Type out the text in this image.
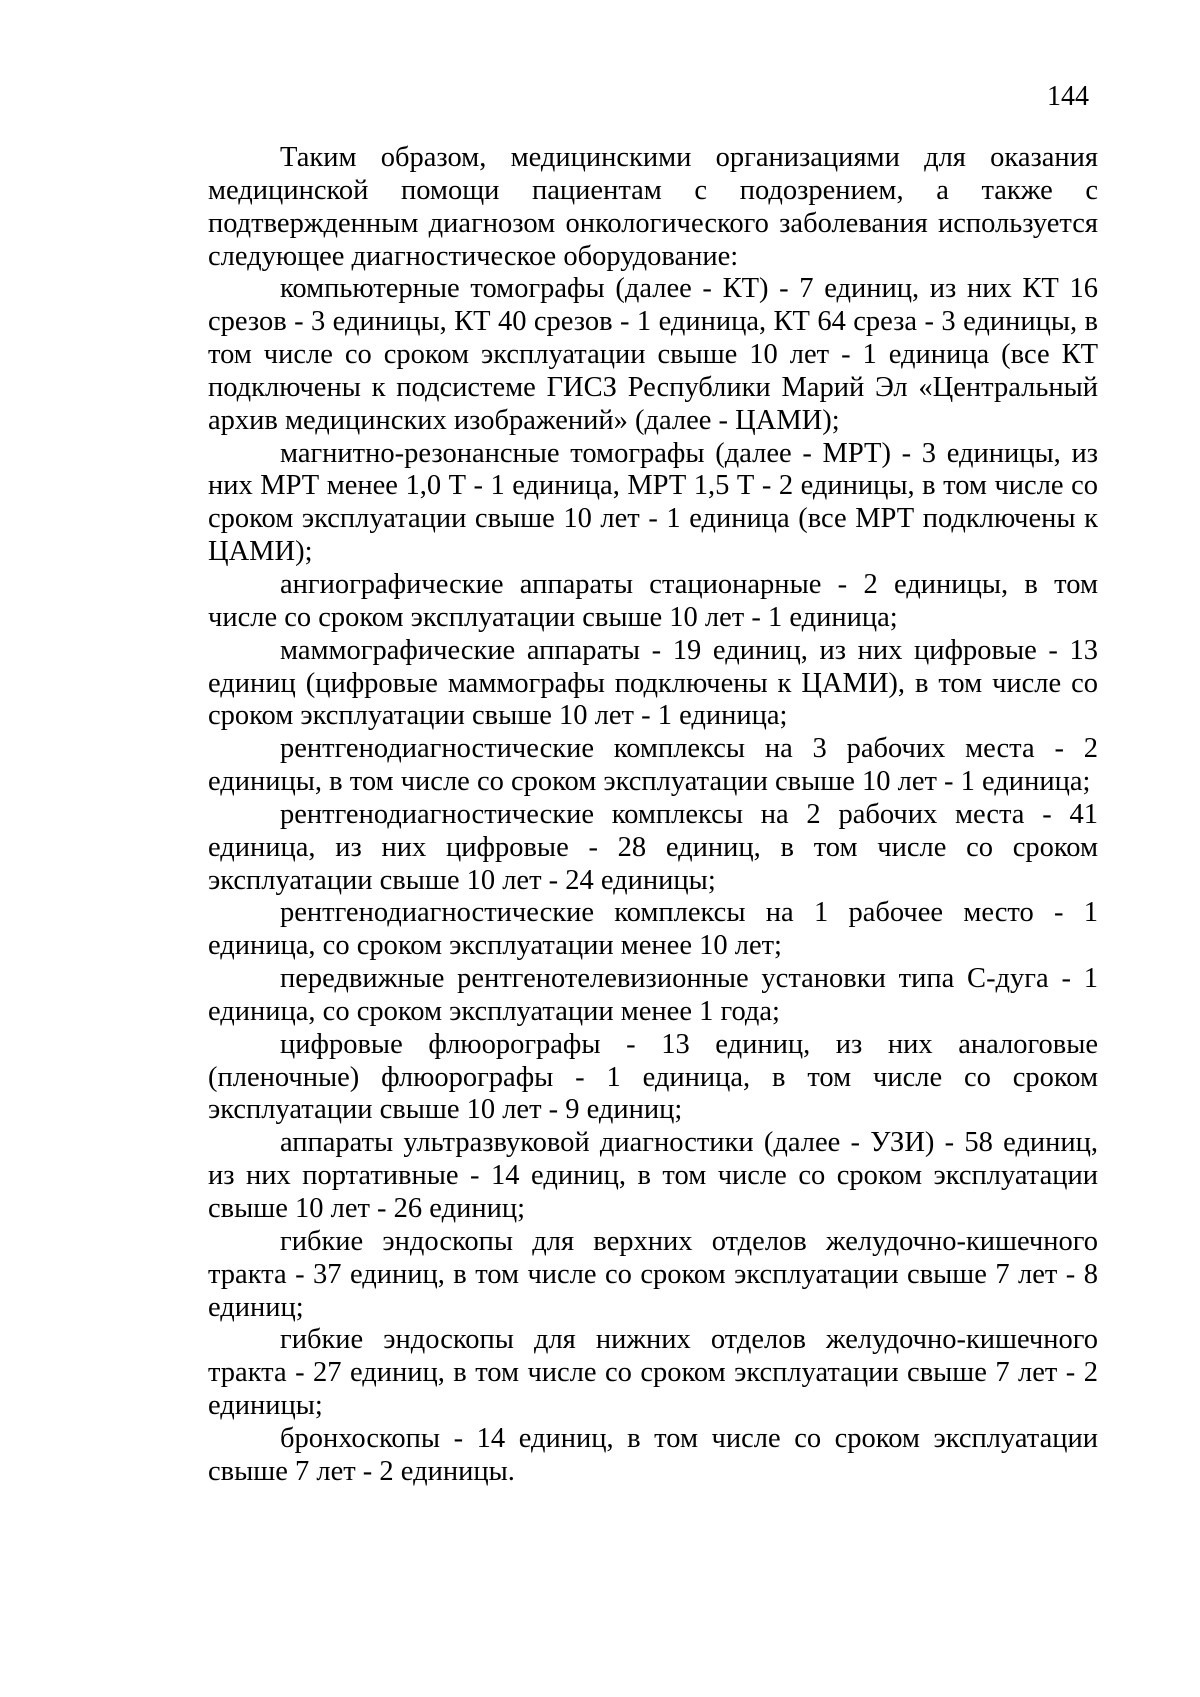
144

Таким образом, медицинскими организациями для оказания медицинской помощи пациентам с подозрением, а также с подтвержденным диагнозом онкологического заболевания используется следующее диагностическое оборудование:

компьютерные томографы (далее - КТ) - 7 единиц, из них КТ 16 срезов - 3 единицы, КТ 40 срезов - 1 единица, КТ 64 среза - 3 единицы, в том числе со сроком эксплуатации свыше 10 лет - 1 единица (все КТ подключены к подсистеме ГИСЗ Республики Марий Эл «Центральный архив медицинских изображений» (далее - ЦАМИ);

магнитно-резонансные томографы (далее - МРТ) - 3 единицы, из них МРТ менее 1,0 Т - 1 единица, МРТ 1,5 Т - 2 единицы, в том числе со сроком эксплуатации свыше 10 лет - 1 единица (все МРТ подключены к ЦАМИ);

ангиографические аппараты стационарные - 2 единицы, в том числе со сроком эксплуатации свыше 10 лет - 1 единица;

маммографические аппараты - 19 единиц, из них цифровые - 13 единиц (цифровые маммографы подключены к ЦАМИ), в том числе со сроком эксплуатации свыше 10 лет - 1 единица;

рентгенодиагностические комплексы на 3 рабочих места - 2 единицы, в том числе со сроком эксплуатации свыше 10 лет - 1 единица;

рентгенодиагностические комплексы на 2 рабочих места - 41 единица, из них цифровые - 28 единиц, в том числе со сроком эксплуатации свыше 10 лет - 24 единицы;

рентгенодиагностические комплексы на 1 рабочее место - 1 единица, со сроком эксплуатации менее 10 лет;

передвижные рентгенотелевизионные установки типа С-дуга - 1 единица, со сроком эксплуатации менее 1 года;

цифровые флюорографы - 13 единиц, из них аналоговые (пленочные) флюорографы - 1 единица, в том числе со сроком эксплуатации свыше 10 лет - 9 единиц;

аппараты ультразвуковой диагностики (далее - УЗИ) - 58 единиц, из них портативные - 14 единиц, в том числе со сроком эксплуатации свыше 10 лет - 26 единиц;

гибкие эндоскопы для верхних отделов желудочно-кишечного тракта - 37 единиц, в том числе со сроком эксплуатации свыше 7 лет - 8 единиц;

гибкие эндоскопы для нижних отделов желудочно-кишечного тракта - 27 единиц, в том числе со сроком эксплуатации свыше 7 лет - 2 единицы;

бронхоскопы - 14 единиц, в том числе со сроком эксплуатации свыше 7 лет - 2 единицы.
